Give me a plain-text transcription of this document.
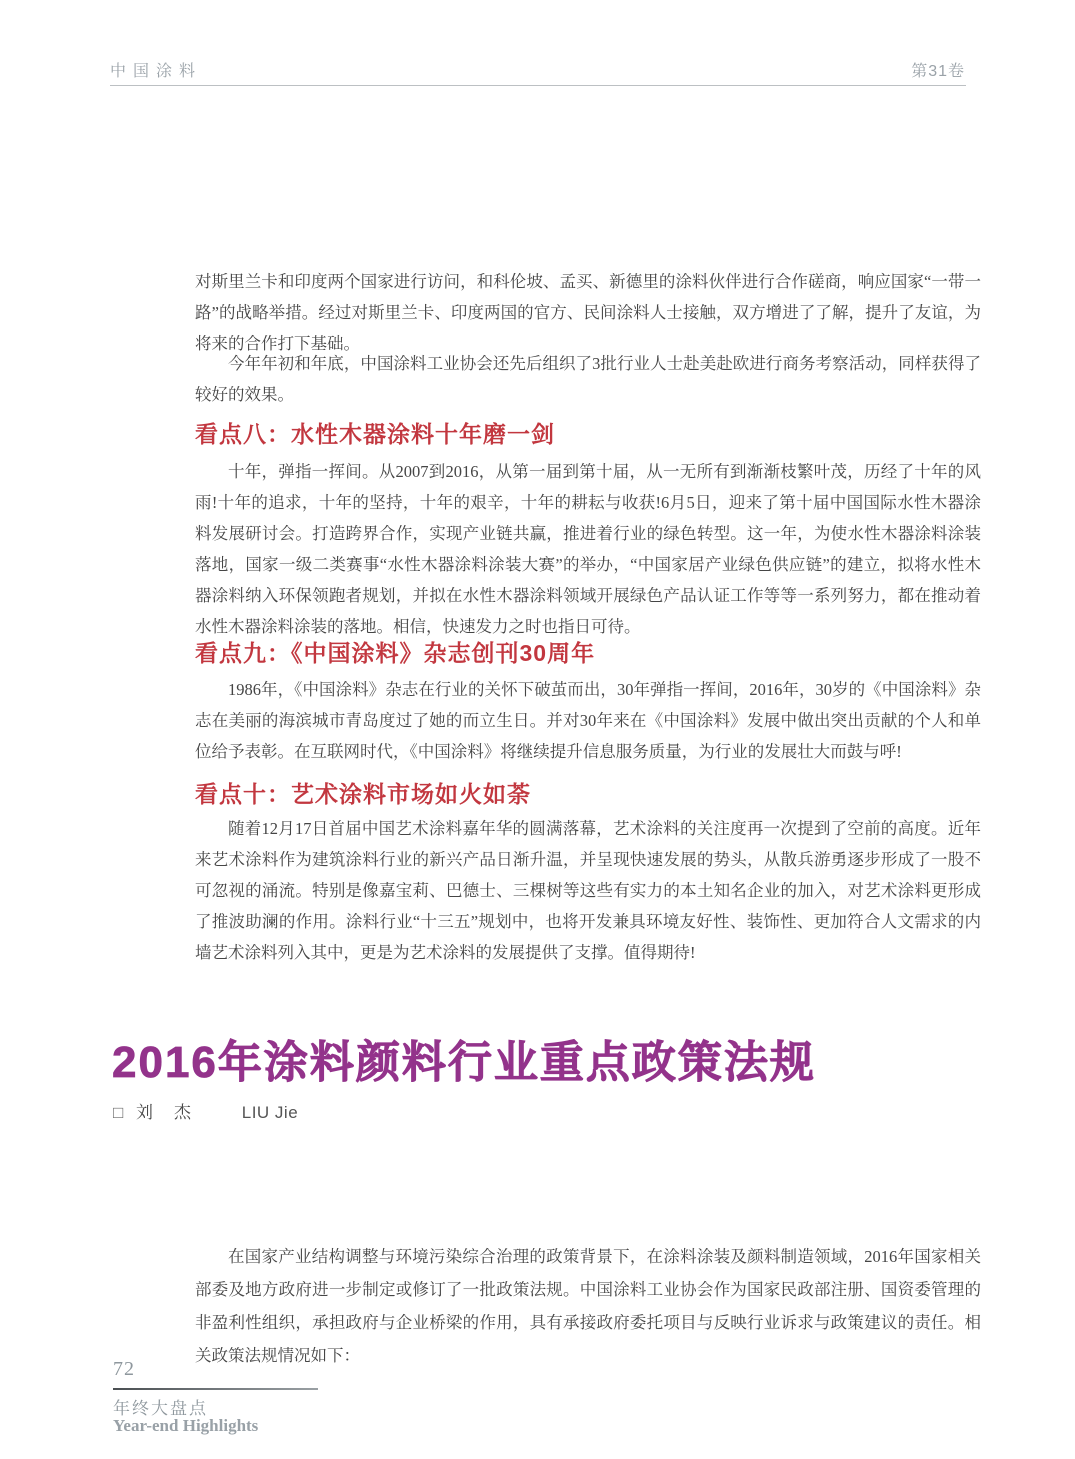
中国涂料	第31卷

对斯里兰卡和印度两个国家进行访问，和科伦坡、孟买、新德里的涂料伙伴进行合作磋商，响应国家“一带一路”的战略举措。经过对斯里兰卡、印度两国的官方、民间涂料人士接触，双方增进了了解，提升了友谊，为将来的合作打下基础。

今年年初和年底，中国涂料工业协会还先后组织了3批行业人士赴美赴欧进行商务考察活动，同样获得了较好的效果。

看点八：水性木器涂料十年磨一剑

十年，弹指一挥间。从2007到2016，从第一届到第十届，从一无所有到渐渐枝繁叶茂，历经了十年的风雨!十年的追求，十年的坚持，十年的艰辛，十年的耕耘与收获!6月5日，迎来了第十届中国国际水性木器涂料发展研讨会。打造跨界合作，实现产业链共赢，推进着行业的绿色转型。这一年，为使水性木器涂料涂装落地，国家一级二类赛事“水性木器涂料涂装大赛”的举办，“中国家居产业绿色供应链”的建立，拟将水性木器涂料纳入环保领跑者规划，并拟在水性木器涂料领域开展绿色产品认证工作等等一系列努力，都在推动着水性木器涂料涂装的落地。相信，快速发力之时也指日可待。

看点九：《中国涂料》杂志创刊30周年

1986年，《中国涂料》杂志在行业的关怀下破茧而出，30年弹指一挥间，2016年，30岁的《中国涂料》杂志在美丽的海滨城市青岛度过了她的而立生日。并对30年来在《中国涂料》发展中做出突出贡献的个人和单位给予表彰。在互联网时代，《中国涂料》将继续提升信息服务质量，为行业的发展壮大而鼓与呼!

看点十：艺术涂料市场如火如荼

随着12月17日首届中国艺术涂料嘉年华的圆满落幕，艺术涂料的关注度再一次提到了空前的高度。近年来艺术涂料作为建筑涂料行业的新兴产品日渐升温，并呈现快速发展的势头，从散兵游勇逐步形成了一股不可忽视的涌流。特别是像嘉宝莉、巴德士、三棵树等这些有实力的本土知名企业的加入，对艺术涂料更形成了推波助澜的作用。涂料行业“十三五”规划中，也将开发兼具环境友好性、装饰性、更加符合人文需求的内墙艺术涂料列入其中，更是为艺术涂料的发展提供了支撑。值得期待!

2016年涂料颜料行业重点政策法规
□ 刘　杰	LIU Jie

在国家产业结构调整与环境污染综合治理的政策背景下，在涂料涂装及颜料制造领域，2016年国家相关部委及地方政府进一步制定或修订了一批政策法规。中国涂料工业协会作为国家民政部注册、国资委管理的非盈利性组织，承担政府与企业桥梁的作用，具有承接政府委托项目与反映行业诉求与政策建议的责任。相关政策法规情况如下：

72
年终大盘点
Year-end Highlights
